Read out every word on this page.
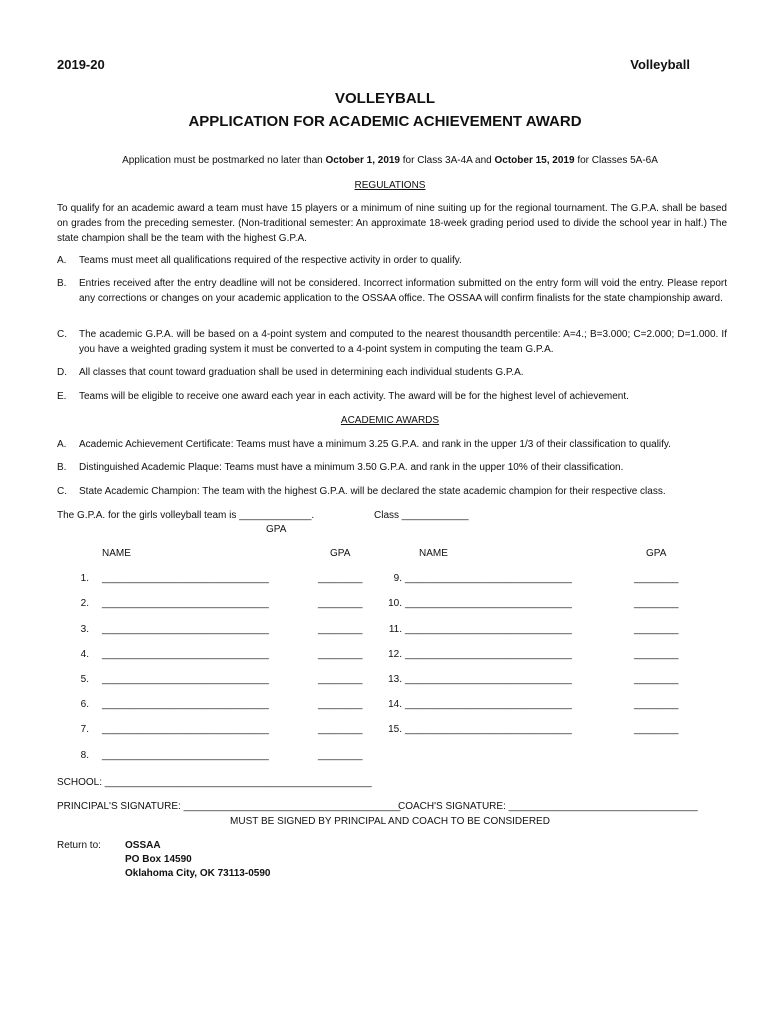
2019-20	Volleyball
VOLLEYBALL
APPLICATION FOR ACADEMIC ACHIEVEMENT AWARD
Application must be postmarked no later than October 1, 2019 for Class 3A-4A and October 15, 2019 for Classes 5A-6A
REGULATIONS
To qualify for an academic award a team must have 15 players or a minimum of nine suiting up for the regional tournament. The G.P.A. shall be based on grades from the preceding semester. (Non-traditional semester: An approximate 18-week grading period used to divide the school year in half.) The state champion shall be the team with the highest G.P.A.
A. Teams must meet all qualifications required of the respective activity in order to qualify.
B. Entries received after the entry deadline will not be considered. Incorrect information submitted on the entry form will void the entry. Please report any corrections or changes on your academic application to the OSSAA office. The OSSAA will confirm finalists for the state championship award.
C. The academic G.P.A. will be based on a 4-point system and computed to the nearest thousandth percentile: A=4.; B=3.000; C=2.000; D=1.000. If you have a weighted grading system it must be converted to a 4-point system in computing the team G.P.A.
D. All classes that count toward graduation shall be used in determining each individual students G.P.A.
E. Teams will be eligible to receive one award each year in each activity. The award will be for the highest level of achievement.
ACADEMIC AWARDS
A. Academic Achievement Certificate: Teams must have a minimum 3.25 G.P.A. and rank in the upper 1/3 of their classification to qualify.
B. Distinguished Academic Plaque: Teams must have a minimum 3.50 G.P.A. and rank in the upper 10% of their classification.
C. State Academic Champion: The team with the highest G.P.A. will be declared the state academic champion for their respective class.
The G.P.A. for the girls volleyball team is _____________.	Class ____________
GPA
NAME	GPA	NAME	GPA
1. ______________________________	________
2. ______________________________	________
3. ______________________________	________
4. ______________________________	________
5. ______________________________	________
6. ______________________________	________
7. ______________________________	________
8. ______________________________	________
9. ______________________________	________
10. ______________________________	________
11. ______________________________	________
12. ______________________________	________
13. ______________________________	________
14. ______________________________	________
15. ______________________________	________
SCHOOL: ________________________________________________
PRINCIPAL'S SIGNATURE: _______________________________________
COACH'S SIGNATURE: __________________________________
MUST BE SIGNED BY PRINCIPAL AND COACH TO BE CONSIDERED
Return to: OSSAA
PO Box 14590
Oklahoma City, OK 73113-0590
